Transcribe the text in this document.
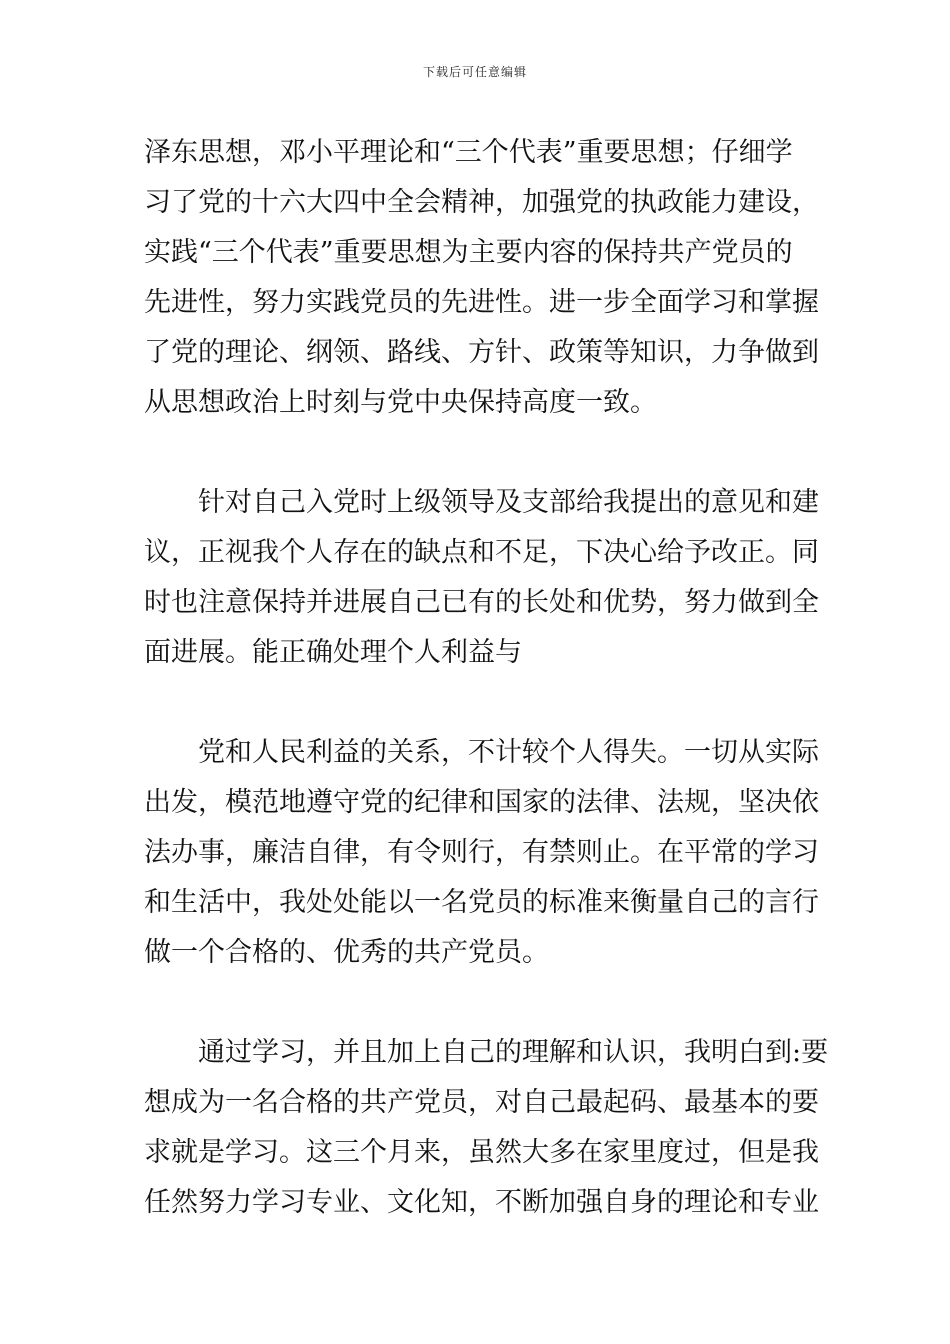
下载后可任意编辑
泽东思想，邓小平理论和“三个代表”重要思想；仔细学
习了党的十六大四中全会精神，加强党的执政能力建设，
实践“三个代表”重要思想为主要内容的保持共产党员的
先进性，努力实践党员的先进性。进一步全面学习和掌握
了党的理论、纲领、路线、方针、政策等知识，力争做到
从思想政治上时刻与党中央保持高度一致。
　　针对自己入党时上级领导及支部给我提出的意见和建
议，正视我个人存在的缺点和不足，下决心给予改正。同
时也注意保持并进展自己已有的长处和优势，努力做到全
面进展。能正确处理个人利益与
　　党和人民利益的关系，不计较个人得失。一切从实际
出发，模范地遵守党的纪律和国家的法律、法规，坚决依
法办事，廉洁自律，有令则行，有禁则止。在平常的学习
和生活中，我处处能以一名党员的标准来衡量自己的言行
做一个合格的、优秀的共产党员。
　　通过学习，并且加上自己的理解和认识，我明白到:要
想成为一名合格的共产党员，对自己最起码、最基本的要
求就是学习。这三个月来，虽然大多在家里度过，但是我
任然努力学习专业、文化知，不断加强自身的理论和专业
